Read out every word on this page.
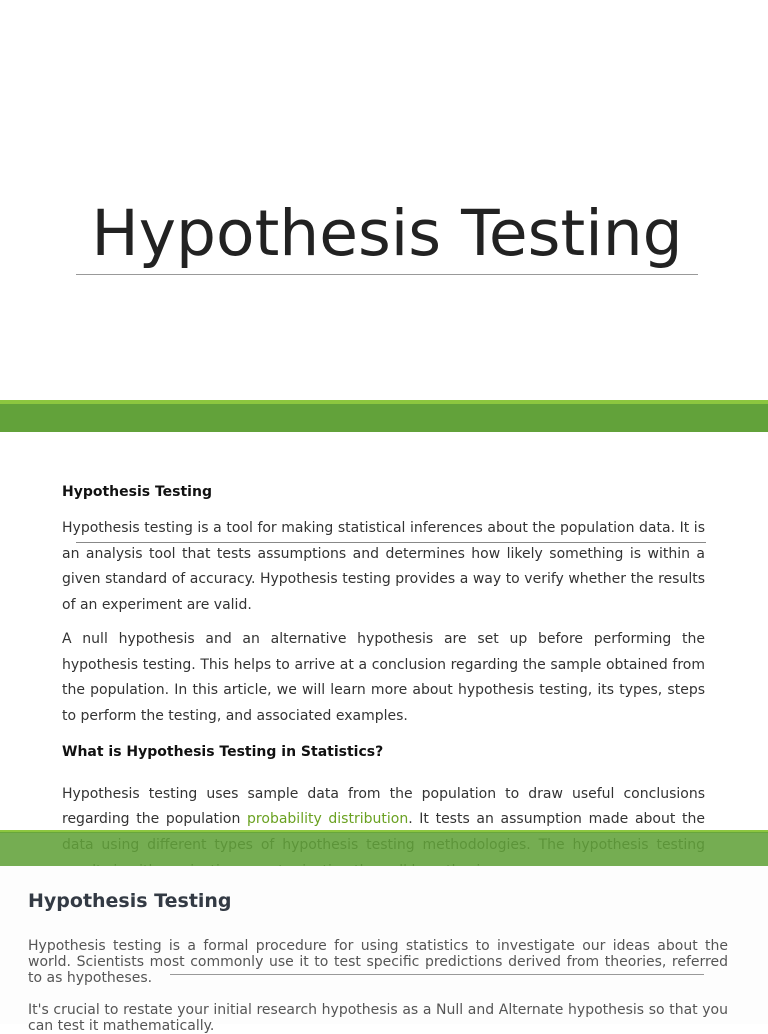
Hypothesis Testing
Hypothesis Testing

Hypothesis testing is a tool for making statistical inferences about the population data. It is an analysis tool that tests assumptions and determines how likely something is within a given standard of accuracy. Hypothesis testing provides a way to verify whether the results of an experiment are valid.

A null hypothesis and an alternative hypothesis are set up before performing the hypothesis testing. This helps to arrive at a conclusion regarding the sample obtained from the population. In this article, we will learn more about hypothesis testing, its types, steps to perform the testing, and associated examples.

What is Hypothesis Testing in Statistics?

Hypothesis testing uses sample data from the population to draw useful conclusions regarding the population probability distribution. It tests an assumption made about the

Hypothesis Testing

Hypothesis testing is a formal procedure for using statistics to investigate our ideas about the world. Scientists most commonly use it to test specific predictions derived from theories, referred to as hypotheses.

It's crucial to restate your initial research hypothesis as a Null and Alternate hypothesis so that you can test it mathematically.
